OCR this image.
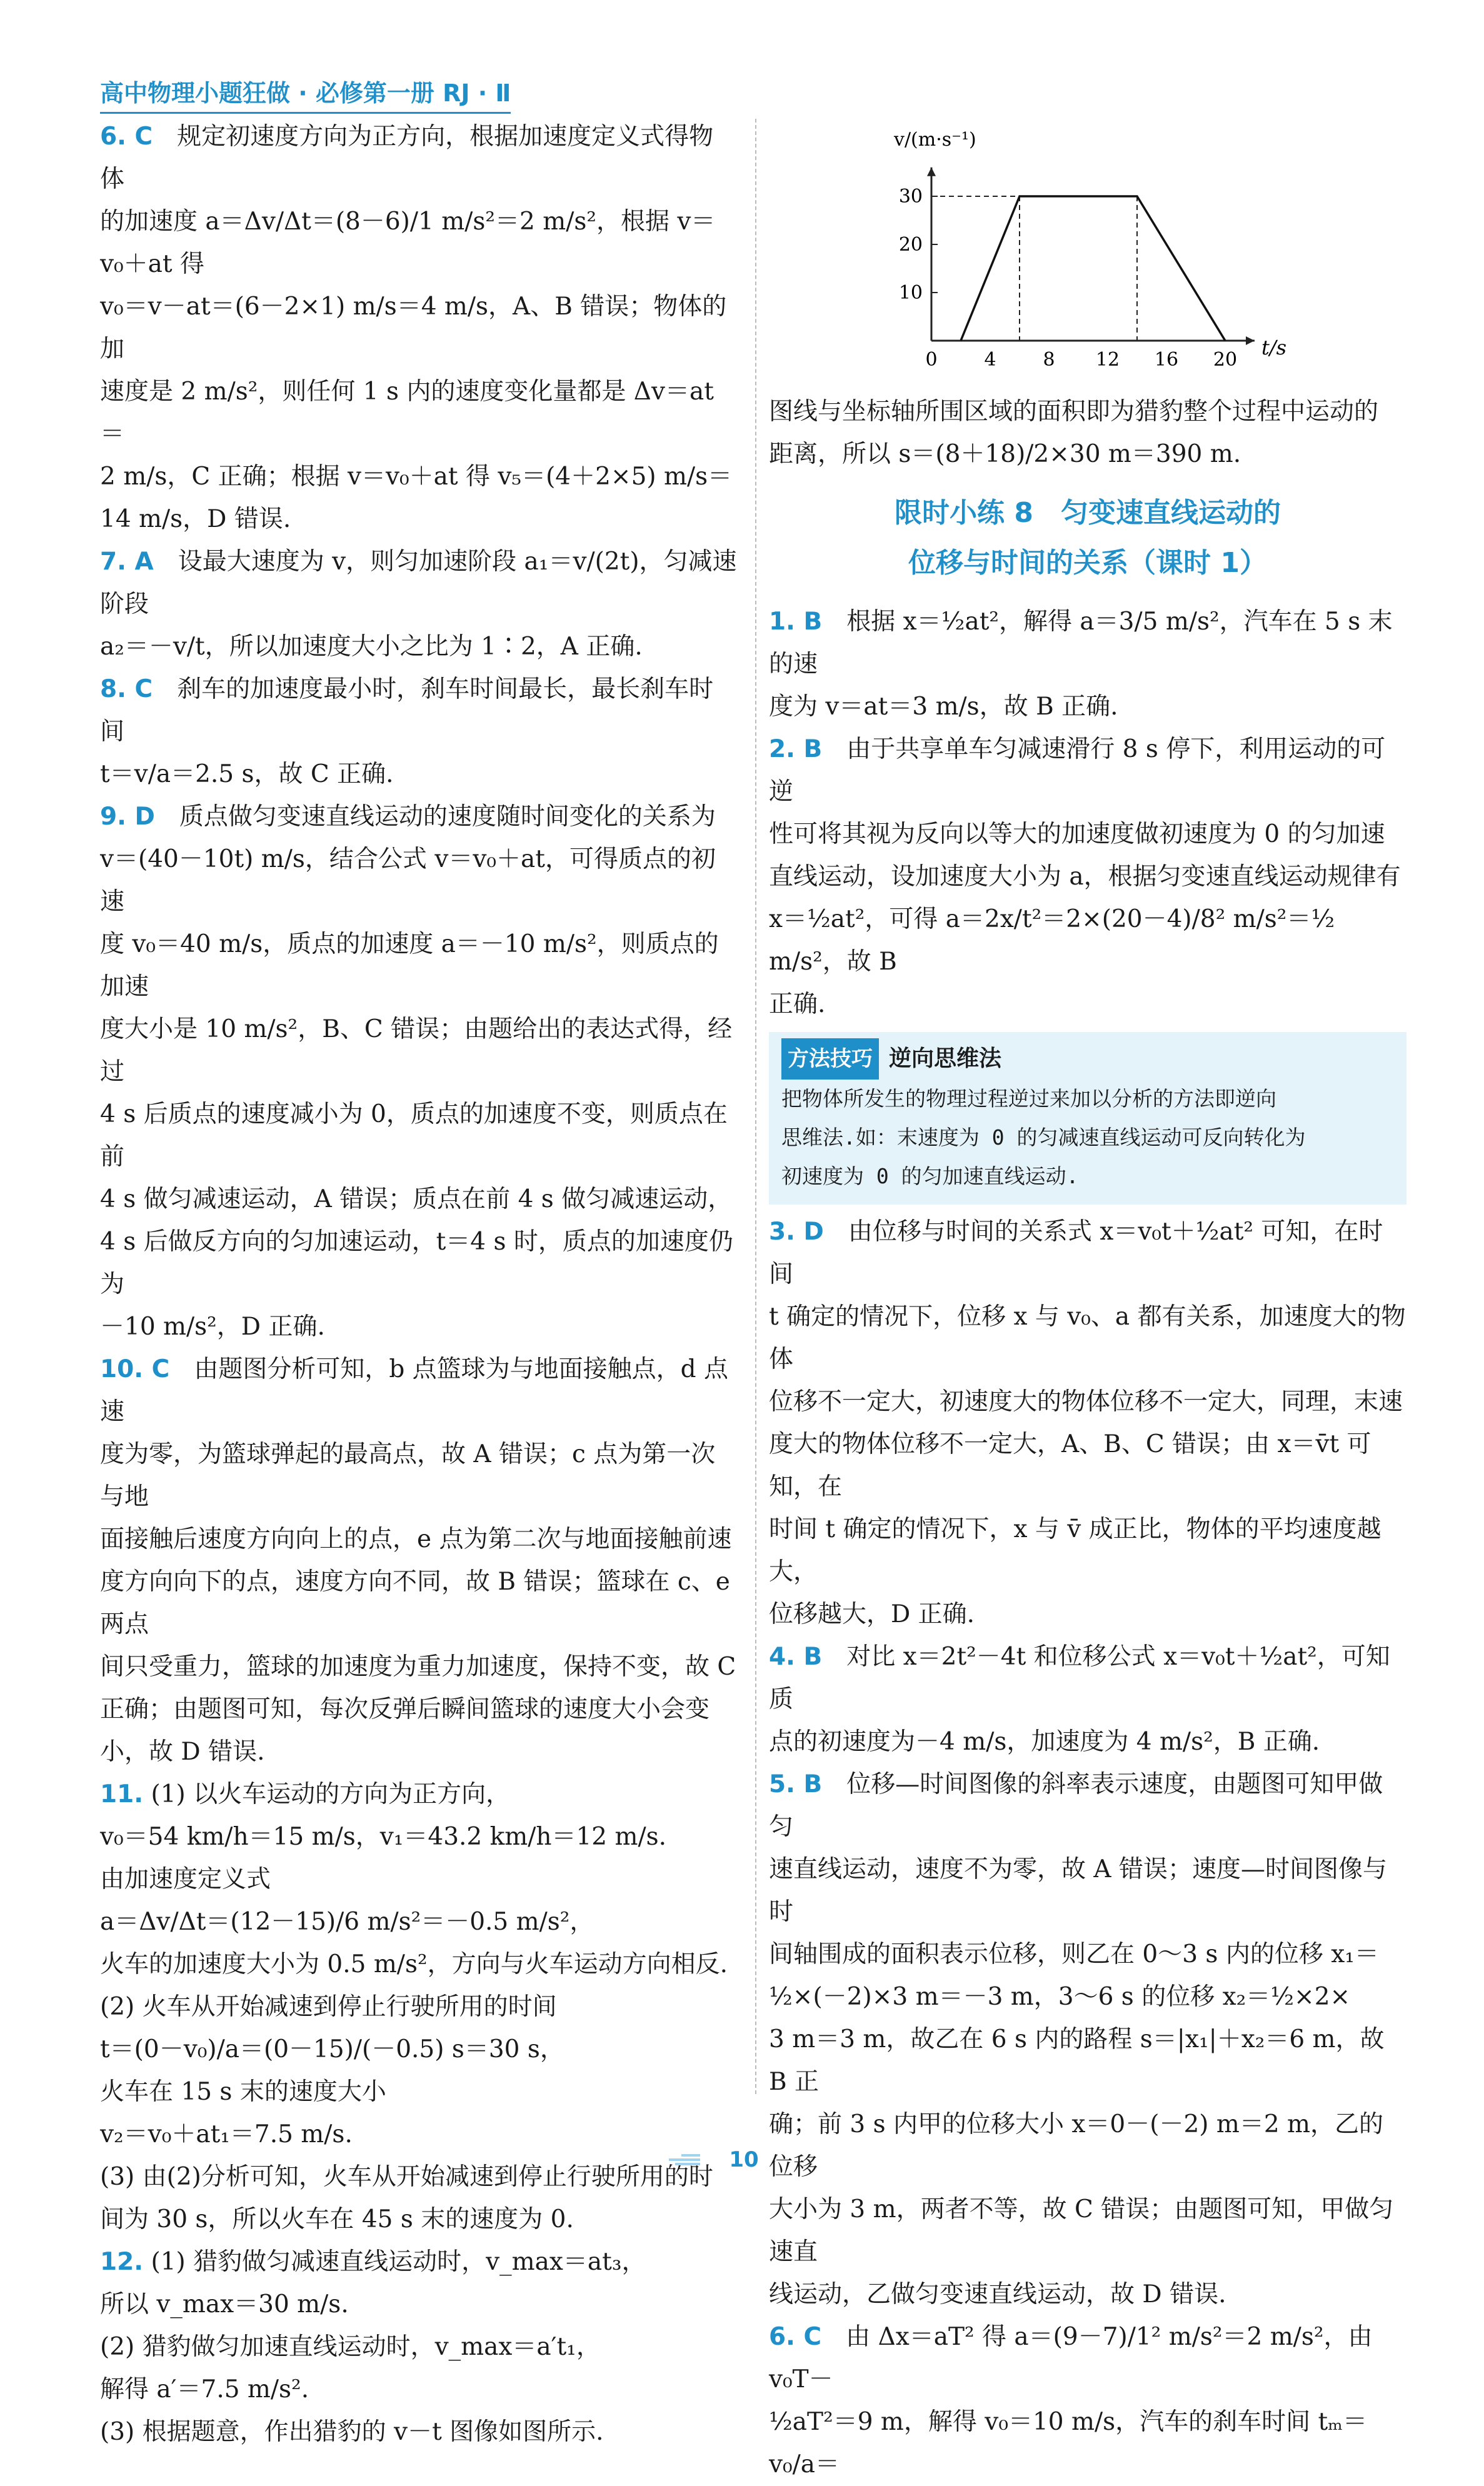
高中物理小题狂做 · 必修第一册 RJ · Ⅱ
6. C　 规定初速度方向为正方向，根据加速度定义式得物体
的加速度 a＝Δv/Δt＝(8－6)/1 m/s²＝2 m/s²，根据 v＝v₀＋at 得
v₀＝v－at＝(6－2×1) m/s＝4 m/s，A、B 错误；物体的加
速度是 2 m/s²，则任何 1 s 内的速度变化量都是 Δv＝at＝
2 m/s，C 正确；根据 v＝v₀＋at 得 v₅＝(4＋2×5) m/s＝
14 m/s，D 错误.
7. A　 设最大速度为 v，则匀加速阶段 a₁＝v/(2t)，匀减速阶段
a₂＝－v/t，所以加速度大小之比为 1∶2，A 正确.
8. C　 刹车的加速度最小时，刹车时间最长，最长刹车时间
t＝v/a＝2.5 s，故 C 正确.
9. D　 质点做匀变速直线运动的速度随时间变化的关系为
v＝(40－10t) m/s，结合公式 v＝v₀＋at，可得质点的初速
度 v₀＝40 m/s，质点的加速度 a＝－10 m/s²，则质点的加速
度大小是 10 m/s²，B、C 错误；由题给出的表达式得，经过
4 s 后质点的速度减小为 0，质点的加速度不变，则质点在前
4 s 做匀减速运动，A 错误；质点在前 4 s 做匀减速运动，
4 s 后做反方向的匀加速运动，t＝4 s 时，质点的加速度仍为
－10 m/s²，D 正确.
10. C　 由题图分析可知，b 点篮球为与地面接触点，d 点速
度为零，为篮球弹起的最高点，故 A 错误；c 点为第一次与地
面接触后速度方向向上的点，e 点为第二次与地面接触前速
度方向向下的点，速度方向不同，故 B 错误；篮球在 c、e 两点
间只受重力，篮球的加速度为重力加速度，保持不变，故 C
正确；由题图可知，每次反弹后瞬间篮球的速度大小会变
小，故 D 错误.
11. (1) 以火车运动的方向为正方向，
v₀＝54 km/h＝15 m/s，v₁＝43.2 km/h＝12 m/s.
由加速度定义式
a＝Δv/Δt＝(12－15)/6 m/s²＝－0.5 m/s²，
火车的加速度大小为 0.5 m/s²，方向与火车运动方向相反.
(2) 火车从开始减速到停止行驶所用的时间
t＝(0－v₀)/a＝(0－15)/(－0.5) s＝30 s，
火车在 15 s 末的速度大小
v₂＝v₀＋at₁＝7.5 m/s.
(3) 由(2)分析可知，火车从开始减速到停止行驶所用的时
间为 30 s，所以火车在 45 s 末的速度为 0.
12. (1) 猎豹做匀减速直线运动时，v_max＝at₃，
所以 v_max＝30 m/s.
(2) 猎豹做匀加速直线运动时，v_max＝a′t₁，
解得 a′＝7.5 m/s².
(3) 根据题意，作出猎豹的 v－t 图像如图所示.
v/(m·s⁻¹)
t/s
0 4 8 12 16 20
10
20
30
图线与坐标轴所围区域的面积即为猎豹整个过程中运动的
距离，所以 s＝(8＋18)/2×30 m＝390 m.
限时小练 8　匀变速直线运动的
位移与时间的关系（课时 1）
1. B　 根据 x＝½at²，解得 a＝3/5 m/s²，汽车在 5 s 末的速
度为 v＝at＝3 m/s，故 B 正确.
2. B　 由于共享单车匀减速滑行 8 s 停下，利用运动的可逆
性可将其视为反向以等大的加速度做初速度为 0 的匀加速
直线运动，设加速度大小为 a，根据匀变速直线运动规律有
x＝½at²，可得 a＝2x/t²＝2×(20－4)/8² m/s²＝½ m/s²，故 B
正确.
方法技巧 逆向思维法
把物体所发生的物理过程逆过来加以分析的方法即逆向
思维法.如：末速度为 0 的匀减速直线运动可反向转化为
初速度为 0 的匀加速直线运动.
3. D　 由位移与时间的关系式 x＝v₀t＋½at² 可知，在时间
t 确定的情况下，位移 x 与 v₀、a 都有关系，加速度大的物体
位移不一定大，初速度大的物体位移不一定大，同理，末速
度大的物体位移不一定大，A、B、C 错误；由 x＝v̄t 可知，在
时间 t 确定的情况下，x 与 v̄ 成正比，物体的平均速度越大，
位移越大，D 正确.
4. B　 对比 x＝2t²－4t 和位移公式 x＝v₀t＋½at²，可知质
点的初速度为－4 m/s，加速度为 4 m/s²，B 正确.
5. B　 位移—时间图像的斜率表示速度，由题图可知甲做匀
速直线运动，速度不为零，故 A 错误；速度—时间图像与时
间轴围成的面积表示位移，则乙在 0～3 s 内的位移 x₁＝
½×(－2)×3 m＝－3 m，3～6 s 的位移 x₂＝½×2×
3 m＝3 m，故乙在 6 s 内的路程 s＝|x₁|＋x₂＝6 m，故 B 正
确；前 3 s 内甲的位移大小 x＝0－(－2) m＝2 m，乙的位移
大小为 3 m，两者不等，故 C 错误；由题图可知，甲做匀速直
线运动，乙做匀变速直线运动，故 D 错误.
6. C　 由 Δx＝aT² 得 a＝(9－7)/1² m/s²＝2 m/s²，由 v₀T－
½aT²＝9 m，解得 v₀＝10 m/s，汽车的刹车时间 tₘ＝v₀/a＝
10
